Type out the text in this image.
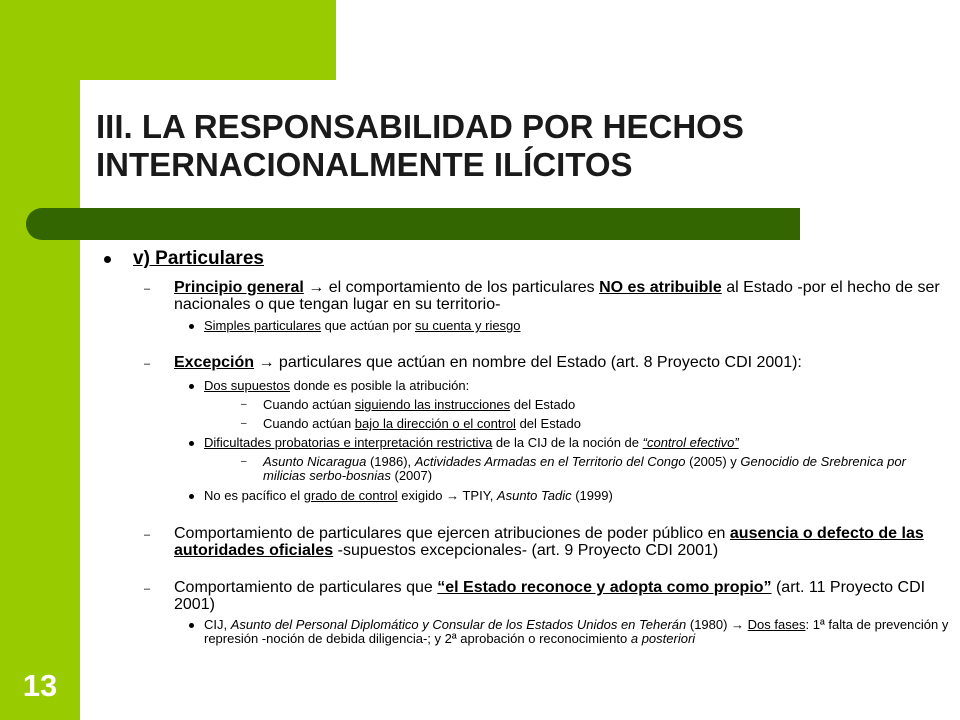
III. LA RESPONSABILIDAD POR HECHOS INTERNACIONALMENTE ILÍCITOS
13
v) Particulares
–	Principio general → el comportamiento de los particulares NO es atribuible al Estado -por el hecho de ser nacionales o que tengan lugar en su territorio-
Simples particulares que actúan por su cuenta y riesgo
–	Excepción → particulares que actúan en nombre del Estado (art. 8 Proyecto CDI 2001):
Dos supuestos donde es posible la atribución:
–	Cuando actúan siguiendo las instrucciones del Estado
–	Cuando actúan bajo la dirección o el control del Estado
Dificultades probatorias e interpretación restrictiva de la CIJ de la noción de “control efectivo”
–	Asunto Nicaragua (1986), Actividades Armadas en el Territorio del Congo (2005) y Genocidio de Srebrenica por milicias serbo-bosnias (2007)
No es pacífico el grado de control exigido → TPIY, Asunto Tadic (1999)
–	Comportamiento de particulares que ejercen atribuciones de poder público en ausencia o defecto de las autoridades oficiales -supuestos excepcionales- (art. 9 Proyecto CDI 2001)
–	Comportamiento de particulares que “el Estado reconoce y adopta como propio” (art. 11 Proyecto CDI 2001)
CIJ, Asunto del Personal Diplomático y Consular de los Estados Unidos en Teherán (1980) → Dos fases: 1ª falta de prevención y represión -noción de debida diligencia-; y 2ª aprobación o reconocimiento a posteriori
